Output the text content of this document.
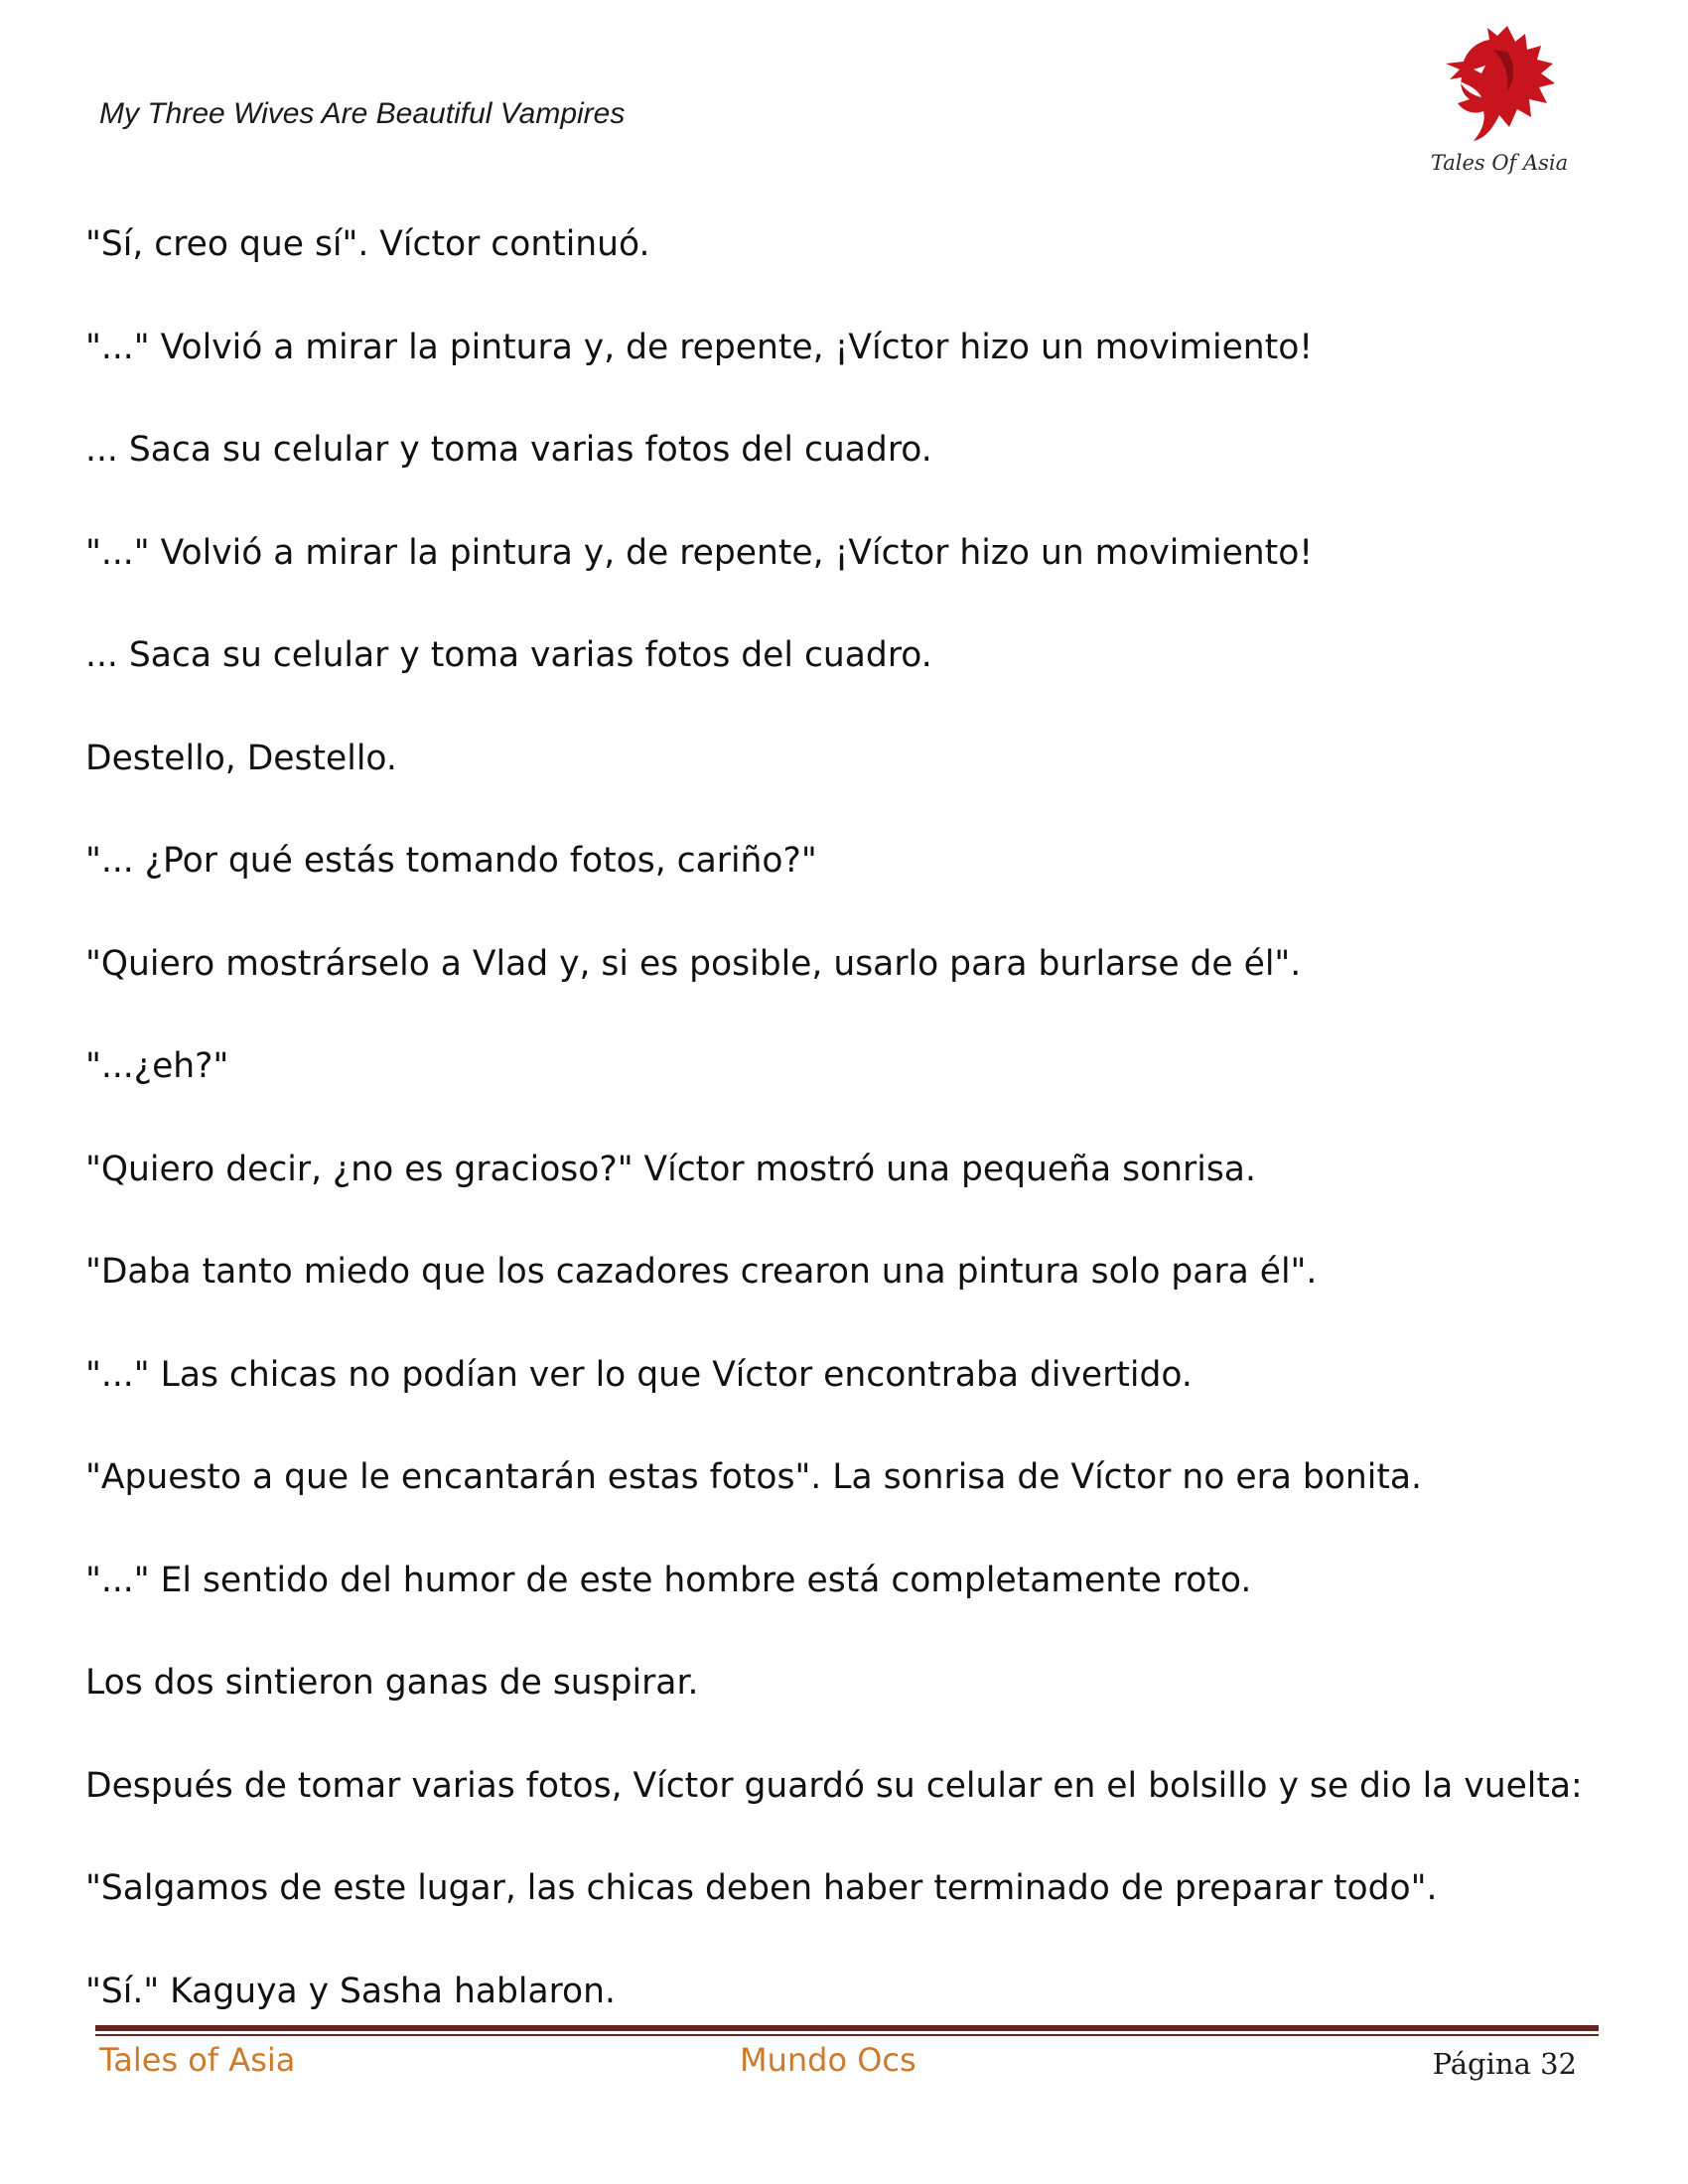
My Three Wives Are Beautiful Vampires
Tales Of Asia

"Sí, creo que sí". Víctor continuó.

"..." Volvió a mirar la pintura y, de repente, ¡Víctor hizo un movimiento!

... Saca su celular y toma varias fotos del cuadro.

"..." Volvió a mirar la pintura y, de repente, ¡Víctor hizo un movimiento!

... Saca su celular y toma varias fotos del cuadro.

Destello, Destello.

"... ¿Por qué estás tomando fotos, cariño?"

"Quiero mostrárselo a Vlad y, si es posible, usarlo para burlarse de él".

"...¿eh?"

"Quiero decir, ¿no es gracioso?" Víctor mostró una pequeña sonrisa.

"Daba tanto miedo que los cazadores crearon una pintura solo para él".

"..." Las chicas no podían ver lo que Víctor encontraba divertido.

"Apuesto a que le encantarán estas fotos". La sonrisa de Víctor no era bonita.

"..." El sentido del humor de este hombre está completamente roto.

Los dos sintieron ganas de suspirar.

Después de tomar varias fotos, Víctor guardó su celular en el bolsillo y se dio la vuelta:

"Salgamos de este lugar, las chicas deben haber terminado de preparar todo".

"Sí." Kaguya y Sasha hablaron.

Tales of Asia	Mundo Ocs	Página 32
